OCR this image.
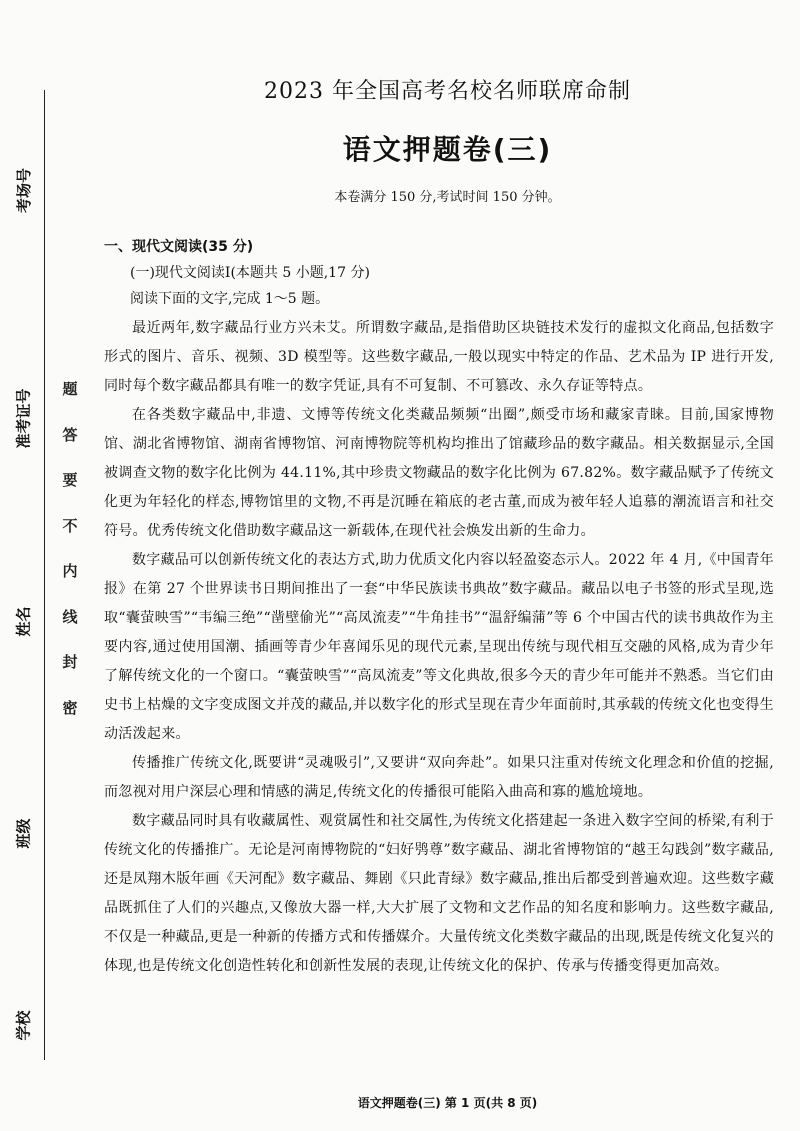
考场号
准考证号
姓名
班级
学校
题
答
要
不
内
线
封
密
2023 年全国高考名校名师联席命制
语文押题卷(三)
本卷满分 150 分,考试时间 150 分钟。
一、现代文阅读(35 分)
(一)现代文阅读Ⅰ(本题共 5 小题,17 分)
阅读下面的文字,完成 1～5 题。

最近两年,数字藏品行业方兴未艾。所谓数字藏品,是指借助区块链技术发行的虚拟文化商品,包括数字形式的图片、音乐、视频、3D 模型等。这些数字藏品,一般以现实中特定的作品、艺术品为 IP 进行开发,同时每个数字藏品都具有唯一的数字凭证,具有不可复制、不可篡改、永久存证等特点。

在各类数字藏品中,非遗、文博等传统文化类藏品频频“出圈”,颇受市场和藏家青睐。目前,国家博物馆、湖北省博物馆、湖南省博物馆、河南博物院等机构均推出了馆藏珍品的数字藏品。相关数据显示,全国被调查文物的数字化比例为 44.11%,其中珍贵文物藏品的数字化比例为 67.82%。数字藏品赋予了传统文化更为年轻化的样态,博物馆里的文物,不再是沉睡在箱底的老古董,而成为被年轻人追慕的潮流语言和社交符号。优秀传统文化借助数字藏品这一新载体,在现代社会焕发出新的生命力。

数字藏品可以创新传统文化的表达方式,助力优质文化内容以轻盈姿态示人。2022 年 4 月,《中国青年报》在第 27 个世界读书日期间推出了一套“中华民族读书典故”数字藏品。藏品以电子书签的形式呈现,选取“囊萤映雪”“韦编三绝”“凿壁偷光”“高凤流麦”“牛角挂书”“温舒编蒲”等 6 个中国古代的读书典故作为主要内容,通过使用国潮、插画等青少年喜闻乐见的现代元素,呈现出传统与现代相互交融的风格,成为青少年了解传统文化的一个窗口。“囊萤映雪”“高凤流麦”等文化典故,很多今天的青少年可能并不熟悉。当它们由史书上枯燥的文字变成图文并茂的藏品,并以数字化的形式呈现在青少年面前时,其承载的传统文化也变得生动活泼起来。

传播推广传统文化,既要讲“灵魂吸引”,又要讲“双向奔赴”。如果只注重对传统文化理念和价值的挖掘,而忽视对用户深层心理和情感的满足,传统文化的传播很可能陷入曲高和寡的尴尬境地。

数字藏品同时具有收藏属性、观赏属性和社交属性,为传统文化搭建起一条进入数字空间的桥梁,有利于传统文化的传播推广。无论是河南博物院的“妇好鸮尊”数字藏品、湖北省博物馆的“越王勾践剑”数字藏品,还是凤翔木版年画《天河配》数字藏品、舞剧《只此青绿》数字藏品,推出后都受到普遍欢迎。这些数字藏品既抓住了人们的兴趣点,又像放大器一样,大大扩展了文物和文艺作品的知名度和影响力。这些数字藏品,不仅是一种藏品,更是一种新的传播方式和传播媒介。大量传统文化类数字藏品的出现,既是传统文化复兴的体现,也是传统文化创造性转化和创新性发展的表现,让传统文化的保护、传承与传播变得更加高效。

语文押题卷(三) 第 1 页(共 8 页)
